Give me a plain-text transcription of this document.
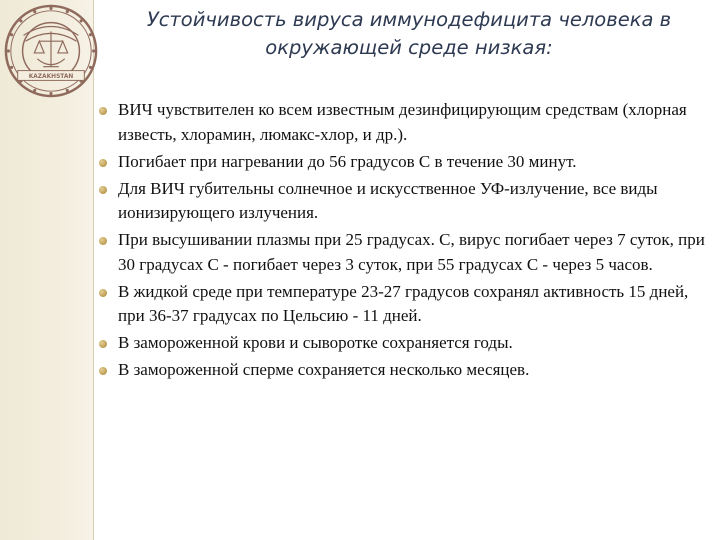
KAZAKHSTAN
Устойчивость вируса иммунодефицита человека в
окружающей среде низкая:
ВИЧ чувствителен ко всем известным дезинфицирующим средствам (хлорная известь, хлорамин, люмакс-хлор, и др.).
Погибает при нагревании до 56 градусов С в течение 30 минут.
Для ВИЧ губительны солнечное и искусственное УФ-излучение, все виды ионизирующего излучения.
При высушивании плазмы при 25 градусах. С, вирус погибает через 7 суток, при 30 градусах С - погибает через 3 суток, при 55 градусах С - через 5 часов.
В жидкой среде при температуре 23-27 градусов сохранял активность 15 дней, при 36-37 градусах по Цельсию - 11 дней.
В замороженной крови и сыворотке сохраняется годы.
В замороженной сперме сохраняется несколько месяцев.
